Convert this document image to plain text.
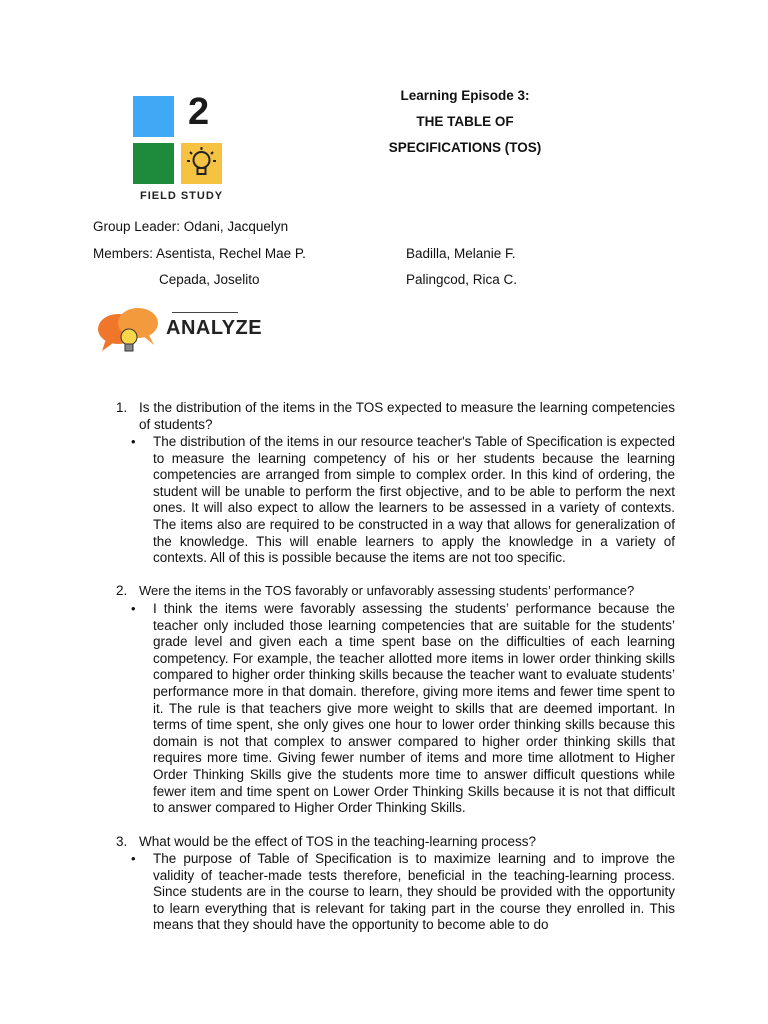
2
FIELD STUDY
Learning Episode 3:
THE TABLE OF
SPECIFICATIONS (TOS)
Group Leader: Odani, Jacquelyn
Members: Asentista, Rechel Mae P.	Badilla, Melanie F.
Cepada, Joselito	Palingcod, Rica C.
ANALYZE
1. Is the distribution of the items in the TOS expected to measure the learning competencies of students?
• The distribution of the items in our resource teacher's Table of Specification is expected to measure the learning competency of his or her students because the learning competencies are arranged from simple to complex order. In this kind of ordering, the student will be unable to perform the first objective, and to be able to perform the next ones. It will also expect to allow the learners to be assessed in a variety of contexts. The items also are required to be constructed in a way that allows for generalization of the knowledge. This will enable learners to apply the knowledge in a variety of contexts. All of this is possible because the items are not too specific.
2. Were the items in the TOS favorably or unfavorably assessing students’ performance?
• I think the items were favorably assessing the students’ performance because the teacher only included those learning competencies that are suitable for the students’ grade level and given each a time spent base on the difficulties of each learning competency. For example, the teacher allotted more items in lower order thinking skills compared to higher order thinking skills because the teacher want to evaluate students’ performance more in that domain. therefore, giving more items and fewer time spent to it. The rule is that teachers give more weight to skills that are deemed important. In terms of time spent, she only gives one hour to lower order thinking skills because this domain is not that complex to answer compared to higher order thinking skills that requires more time. Giving fewer number of items and more time allotment to Higher Order Thinking Skills give the students more time to answer difficult questions while fewer item and time spent on Lower Order Thinking Skills because it is not that difficult to answer compared to Higher Order Thinking Skills.
3. What would be the effect of TOS in the teaching-learning process?
• The purpose of Table of Specification is to maximize learning and to improve the validity of teacher-made tests therefore, beneficial in the teaching-learning process. Since students are in the course to learn, they should be provided with the opportunity to learn everything that is relevant for taking part in the course they enrolled in. This means that they should have the opportunity to become able to do
